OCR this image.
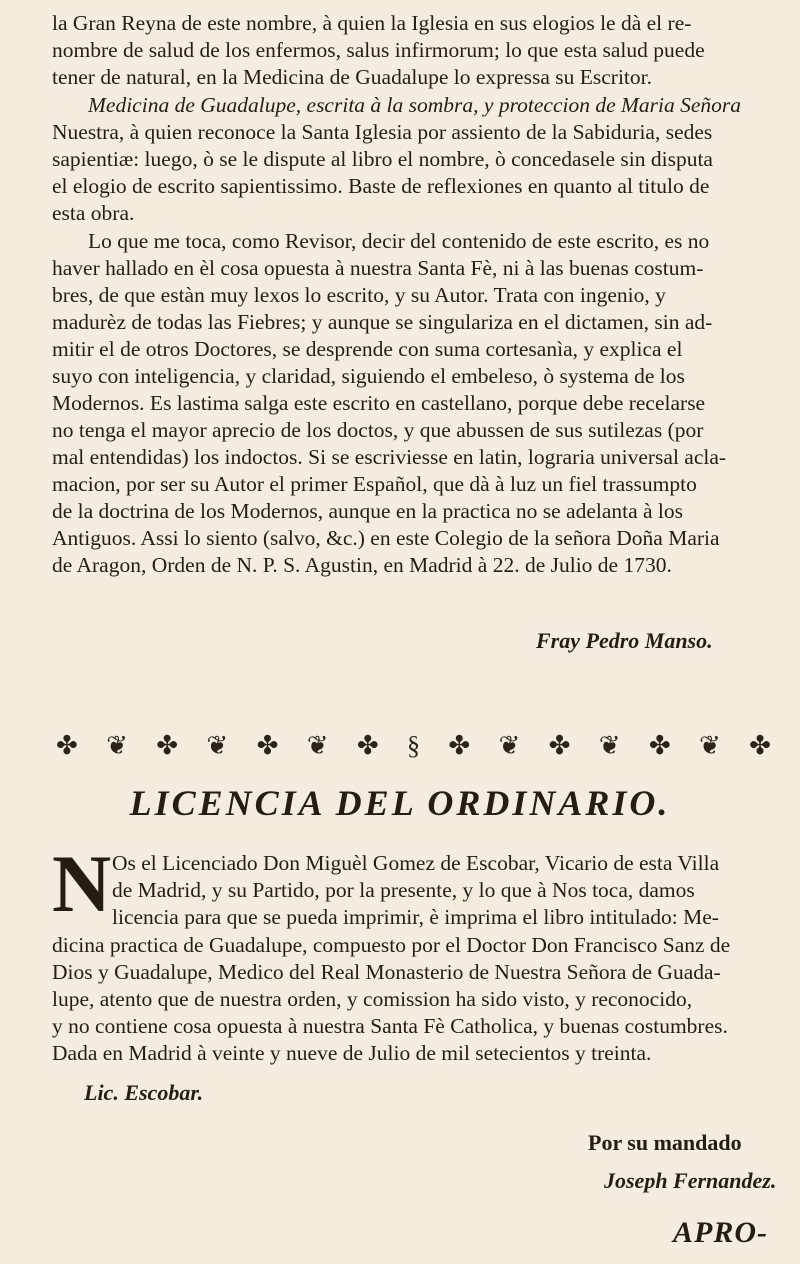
la Gran Reyna de este nombre, à quien la Iglesia en sus elogios le dà el re-
nombre de salud de los enfermos, salus infirmorum; lo que esta salud puede
tener de natural, en la Medicina de Guadalupe lo expressa su Escritor.
Medicina de Guadalupe, escrita à la sombra, y proteccion de Maria Señora
Nuestra, à quien reconoce la Santa Iglesia por assiento de la Sabiduria, sedes
sapientiæ: luego, ò se le dispute al libro el nombre, ò concedasele sin disputa
el elogio de escrito sapientissimo. Baste de reflexiones en quanto al titulo de
esta obra.
Lo que me toca, como Revisor, decir del contenido de este escrito, es no
haver hallado en èl cosa opuesta à nuestra Santa Fè, ni à las buenas costum-
bres, de que estàn muy lexos lo escrito, y su Autor. Trata con ingenio, y
madurèz de todas las Fiebres; y aunque se singulariza en el dictamen, sin ad-
mitir el de otros Doctores, se desprende con suma cortesanìa, y explica el
suyo con inteligencia, y claridad, siguiendo el embeleso, ò systema de los
Modernos. Es lastima salga este escrito en castellano, porque debe recelarse
no tenga el mayor aprecio de los doctos, y que abussen de sus sutilezas (por
mal entendidas) los indoctos. Si se escriviesse en latin, lograria universal acla-
macion, por ser su Autor el primer Español, que dà à luz un fiel trassumpto
de la doctrina de los Modernos, aunque en la practica no se adelanta à los
Antiguos. Assi lo siento (salvo, &c.) en este Colegio de la señora Doña Maria
de Aragon, Orden de N. P. S. Agustin, en Madrid à 22. de Julio de 1730.
Fray Pedro Manso.
✤ ❦ ✤ ❦ ✤ ❦ ✤ § ✤ ❦ ✤ ❦ ✤ ❦ ✤
LICENCIA DEL ORDINARIO.
N Os el Licenciado Don Miguèl Gomez de Escobar, Vicario de esta Villa
de Madrid, y su Partido, por la presente, y lo que à Nos toca, damos
licencia para que se pueda imprimir, è imprima el libro intitulado: Me-
dicina practica de Guadalupe, compuesto por el Doctor Don Francisco Sanz de
Dios y Guadalupe, Medico del Real Monasterio de Nuestra Señora de Guada-
lupe, atento que de nuestra orden, y comission ha sido visto, y reconocido,
y no contiene cosa opuesta à nuestra Santa Fè Catholica, y buenas costumbres.
Dada en Madrid à veinte y nueve de Julio de mil setecientos y treinta.
Lic. Escobar.
Por su mandado
Joseph Fernandez.
APRO-
